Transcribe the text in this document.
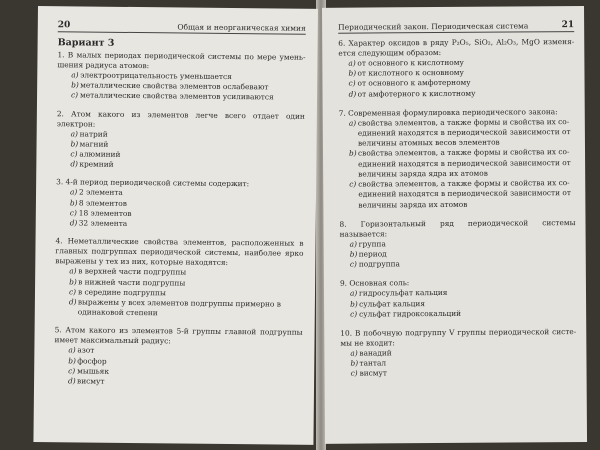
20	Общая и неорганическая химия
Вариант 3
1. В малых периодах периодической системы по мере умень-шения радиуса атомов:
a) электроотрицательность уменьшается
b) металлические свойства элементов ослабевают
c) металлические свойства элементов усиливаются
2. Атом какого из элементов легче всего отдает один электрон:
a) натрий
b) магний
c) алюминий
d) кремний
3. 4-й период периодической системы содержит:
a) 2 элемента
b) 8 элементов
c) 18 элементов
d) 32 элемента
4. Неметаллические свойства элементов, расположенных в главных подгруппах периодической системы, наиболее ярко выражены у тех из них, которые находятся:
a) в верхней части подгруппы
b) в нижней части подгруппы
c) в середине подгруппы
d) выражены у всех элементов подгруппы примерно в одинаковой степени
5. Атом какого из элементов 5-й группы главной подгруппы имеет максимальный радиус:
a) азот
b) фосфор
c) мышьяк
d) висмут
Периодический закон. Периодическая система	21
6. Характер оксидов в ряду P₂O₅, SiO₂, Al₂O₃, MgO изменя-ется следующим образом:
a) от основного к кислотному
b) от кислотного к основному
c) от основного к амфотерному
d) от амфотерного к кислотному
7. Современная формулировка периодического закона:
a) свойства элементов, а также формы и свойства их со-единений находятся в периодической зависимости от величины атомных весов элементов
b) свойства элементов, а также формы и свойства их со-единений находятся в периодической зависимости от величины заряда ядра их атомов
c) свойства элементов, а также формы и свойства их со-единений находятся в периодической зависимости от величины заряда их атомов
8. Горизонтальный ряд периодической системы называется:
a) группа
b) период
c) подгруппа
9. Основная соль:
a) гидросульфат кальция
b) сульфат кальция
c) сульфат гидроксокальций
10. В побочную подгруппу V группы периодической систе-мы не входит:
a) ванадий
b) тантал
c) висмут
